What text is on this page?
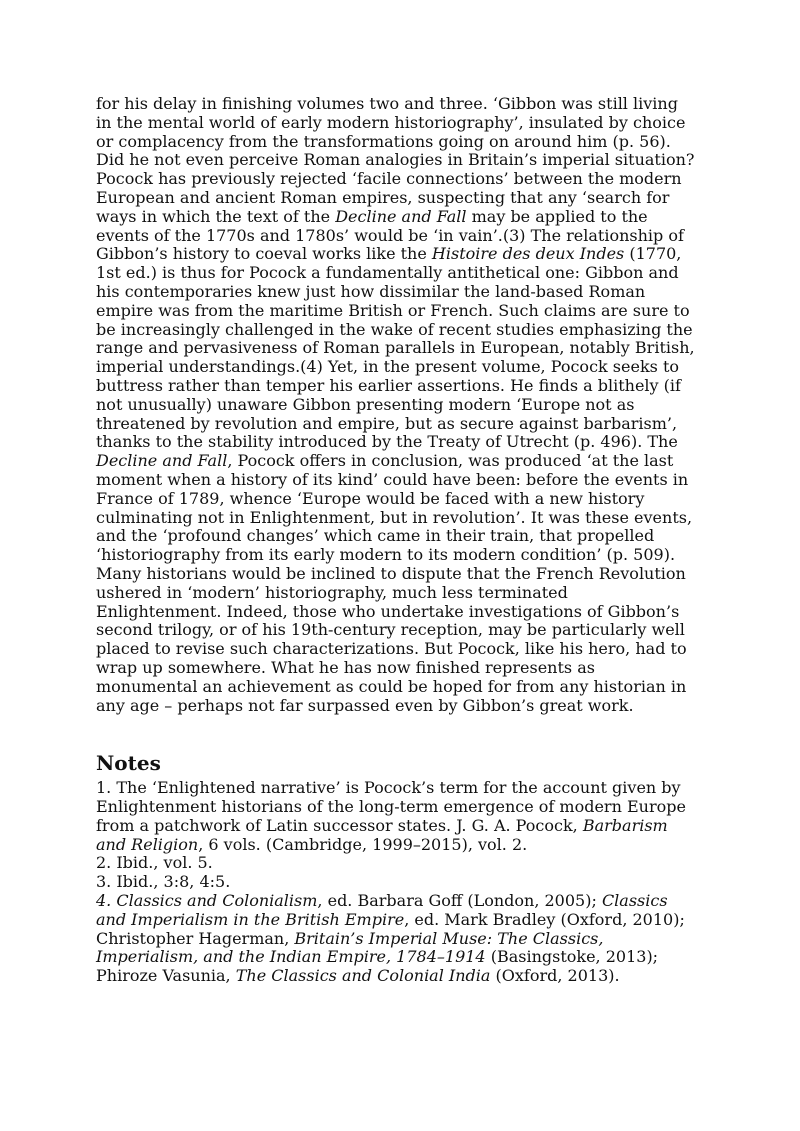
for his delay in finishing volumes two and three. ‘Gibbon was still living
in the mental world of early modern historiography’, insulated by choice
or complacency from the transformations going on around him (p. 56).
Did he not even perceive Roman analogies in Britain’s imperial situation?
Pocock has previously rejected ‘facile connections’ between the modern
European and ancient Roman empires, suspecting that any ‘search for
ways in which the text of the Decline and Fall may be applied to the
events of the 1770s and 1780s’ would be ‘in vain’.(3) The relationship of
Gibbon’s history to coeval works like the Histoire des deux Indes (1770,
1st ed.) is thus for Pocock a fundamentally antithetical one: Gibbon and
his contemporaries knew just how dissimilar the land-based Roman
empire was from the maritime British or French. Such claims are sure to
be increasingly challenged in the wake of recent studies emphasizing the
range and pervasiveness of Roman parallels in European, notably British,
imperial understandings.(4) Yet, in the present volume, Pocock seeks to
buttress rather than temper his earlier assertions. He finds a blithely (if
not unusually) unaware Gibbon presenting modern ‘Europe not as
threatened by revolution and empire, but as secure against barbarism’,
thanks to the stability introduced by the Treaty of Utrecht (p. 496). The
Decline and Fall, Pocock offers in conclusion, was produced ‘at the last
moment when a history of its kind’ could have been: before the events in
France of 1789, whence ‘Europe would be faced with a new history
culminating not in Enlightenment, but in revolution’. It was these events,
and the ‘profound changes’ which came in their train, that propelled
‘historiography from its early modern to its modern condition’ (p. 509).
Many historians would be inclined to dispute that the French Revolution
ushered in ‘modern’ historiography, much less terminated
Enlightenment. Indeed, those who undertake investigations of Gibbon’s
second trilogy, or of his 19th-century reception, may be particularly well
placed to revise such characterizations. But Pocock, like his hero, had to
wrap up somewhere. What he has now finished represents as
monumental an achievement as could be hoped for from any historian in
any age – perhaps not far surpassed even by Gibbon’s great work.

Notes
1. The ‘Enlightened narrative’ is Pocock’s term for the account given by
Enlightenment historians of the long-term emergence of modern Europe
from a patchwork of Latin successor states. J. G. A. Pocock, Barbarism
and Religion, 6 vols. (Cambridge, 1999–2015), vol. 2.
2. Ibid., vol. 5.
3. Ibid., 3:8, 4:5.
4. Classics and Colonialism, ed. Barbara Goff (London, 2005); Classics
and Imperialism in the British Empire, ed. Mark Bradley (Oxford, 2010);
Christopher Hagerman, Britain’s Imperial Muse: The Classics,
Imperialism, and the Indian Empire, 1784–1914 (Basingstoke, 2013);
Phiroze Vasunia, The Classics and Colonial India (Oxford, 2013).
